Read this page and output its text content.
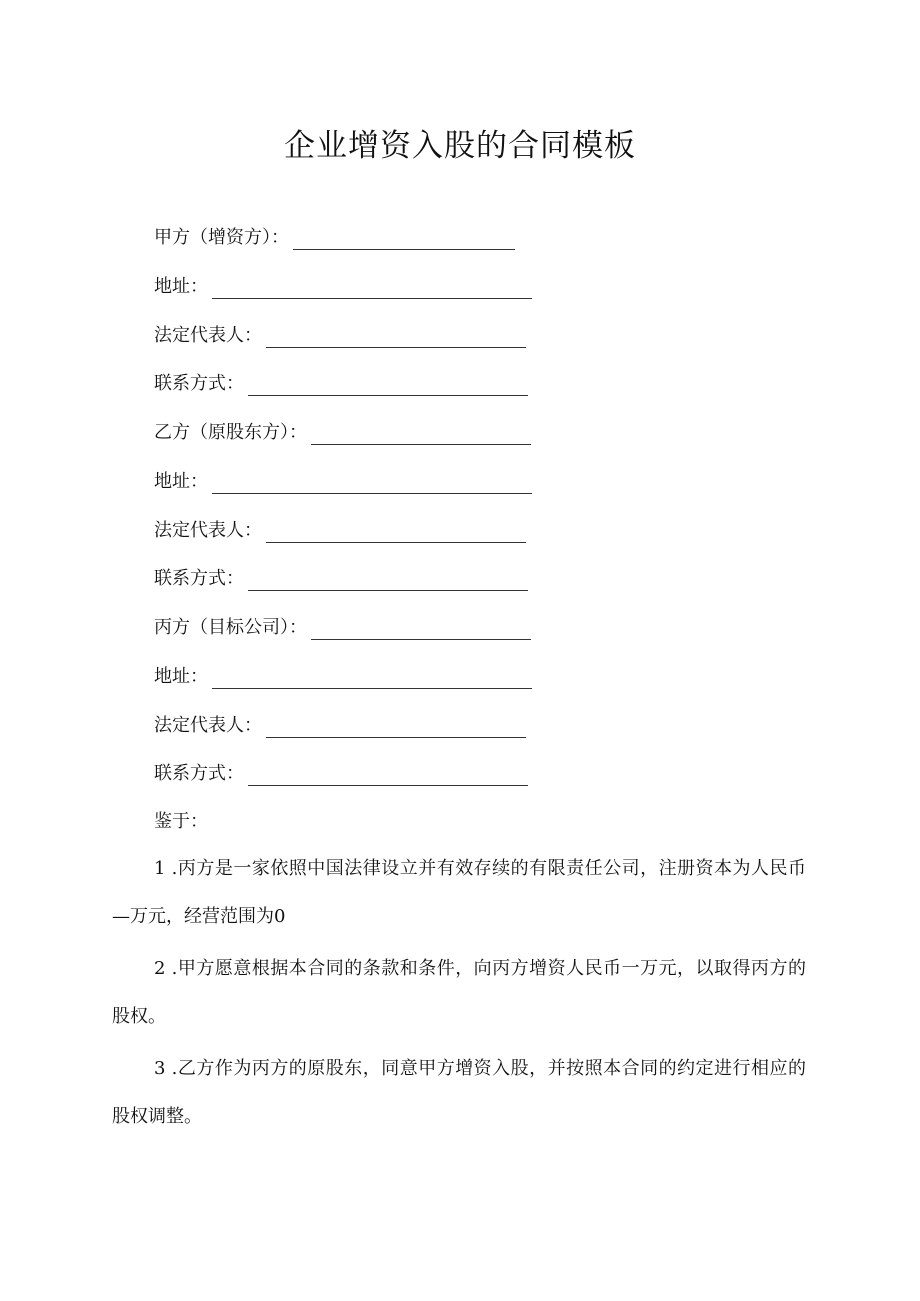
企业增资入股的合同模板
甲方（增资方）：
地址：
法定代表人：
联系方式：
乙方（原股东方）：
地址：
法定代表人：
联系方式：
丙方（目标公司）：
地址：
法定代表人：
联系方式：
鉴于：

1 .丙方是一家依照中国法律设立并有效存续的有限责任公司，注册资本为人民币—万元，经营范围为0

2 .甲方愿意根据本合同的条款和条件，向丙方增资人民币一万元，以取得丙方的股权。

3 .乙方作为丙方的原股东，同意甲方增资入股，并按照本合同的约定进行相应的股权调整。
